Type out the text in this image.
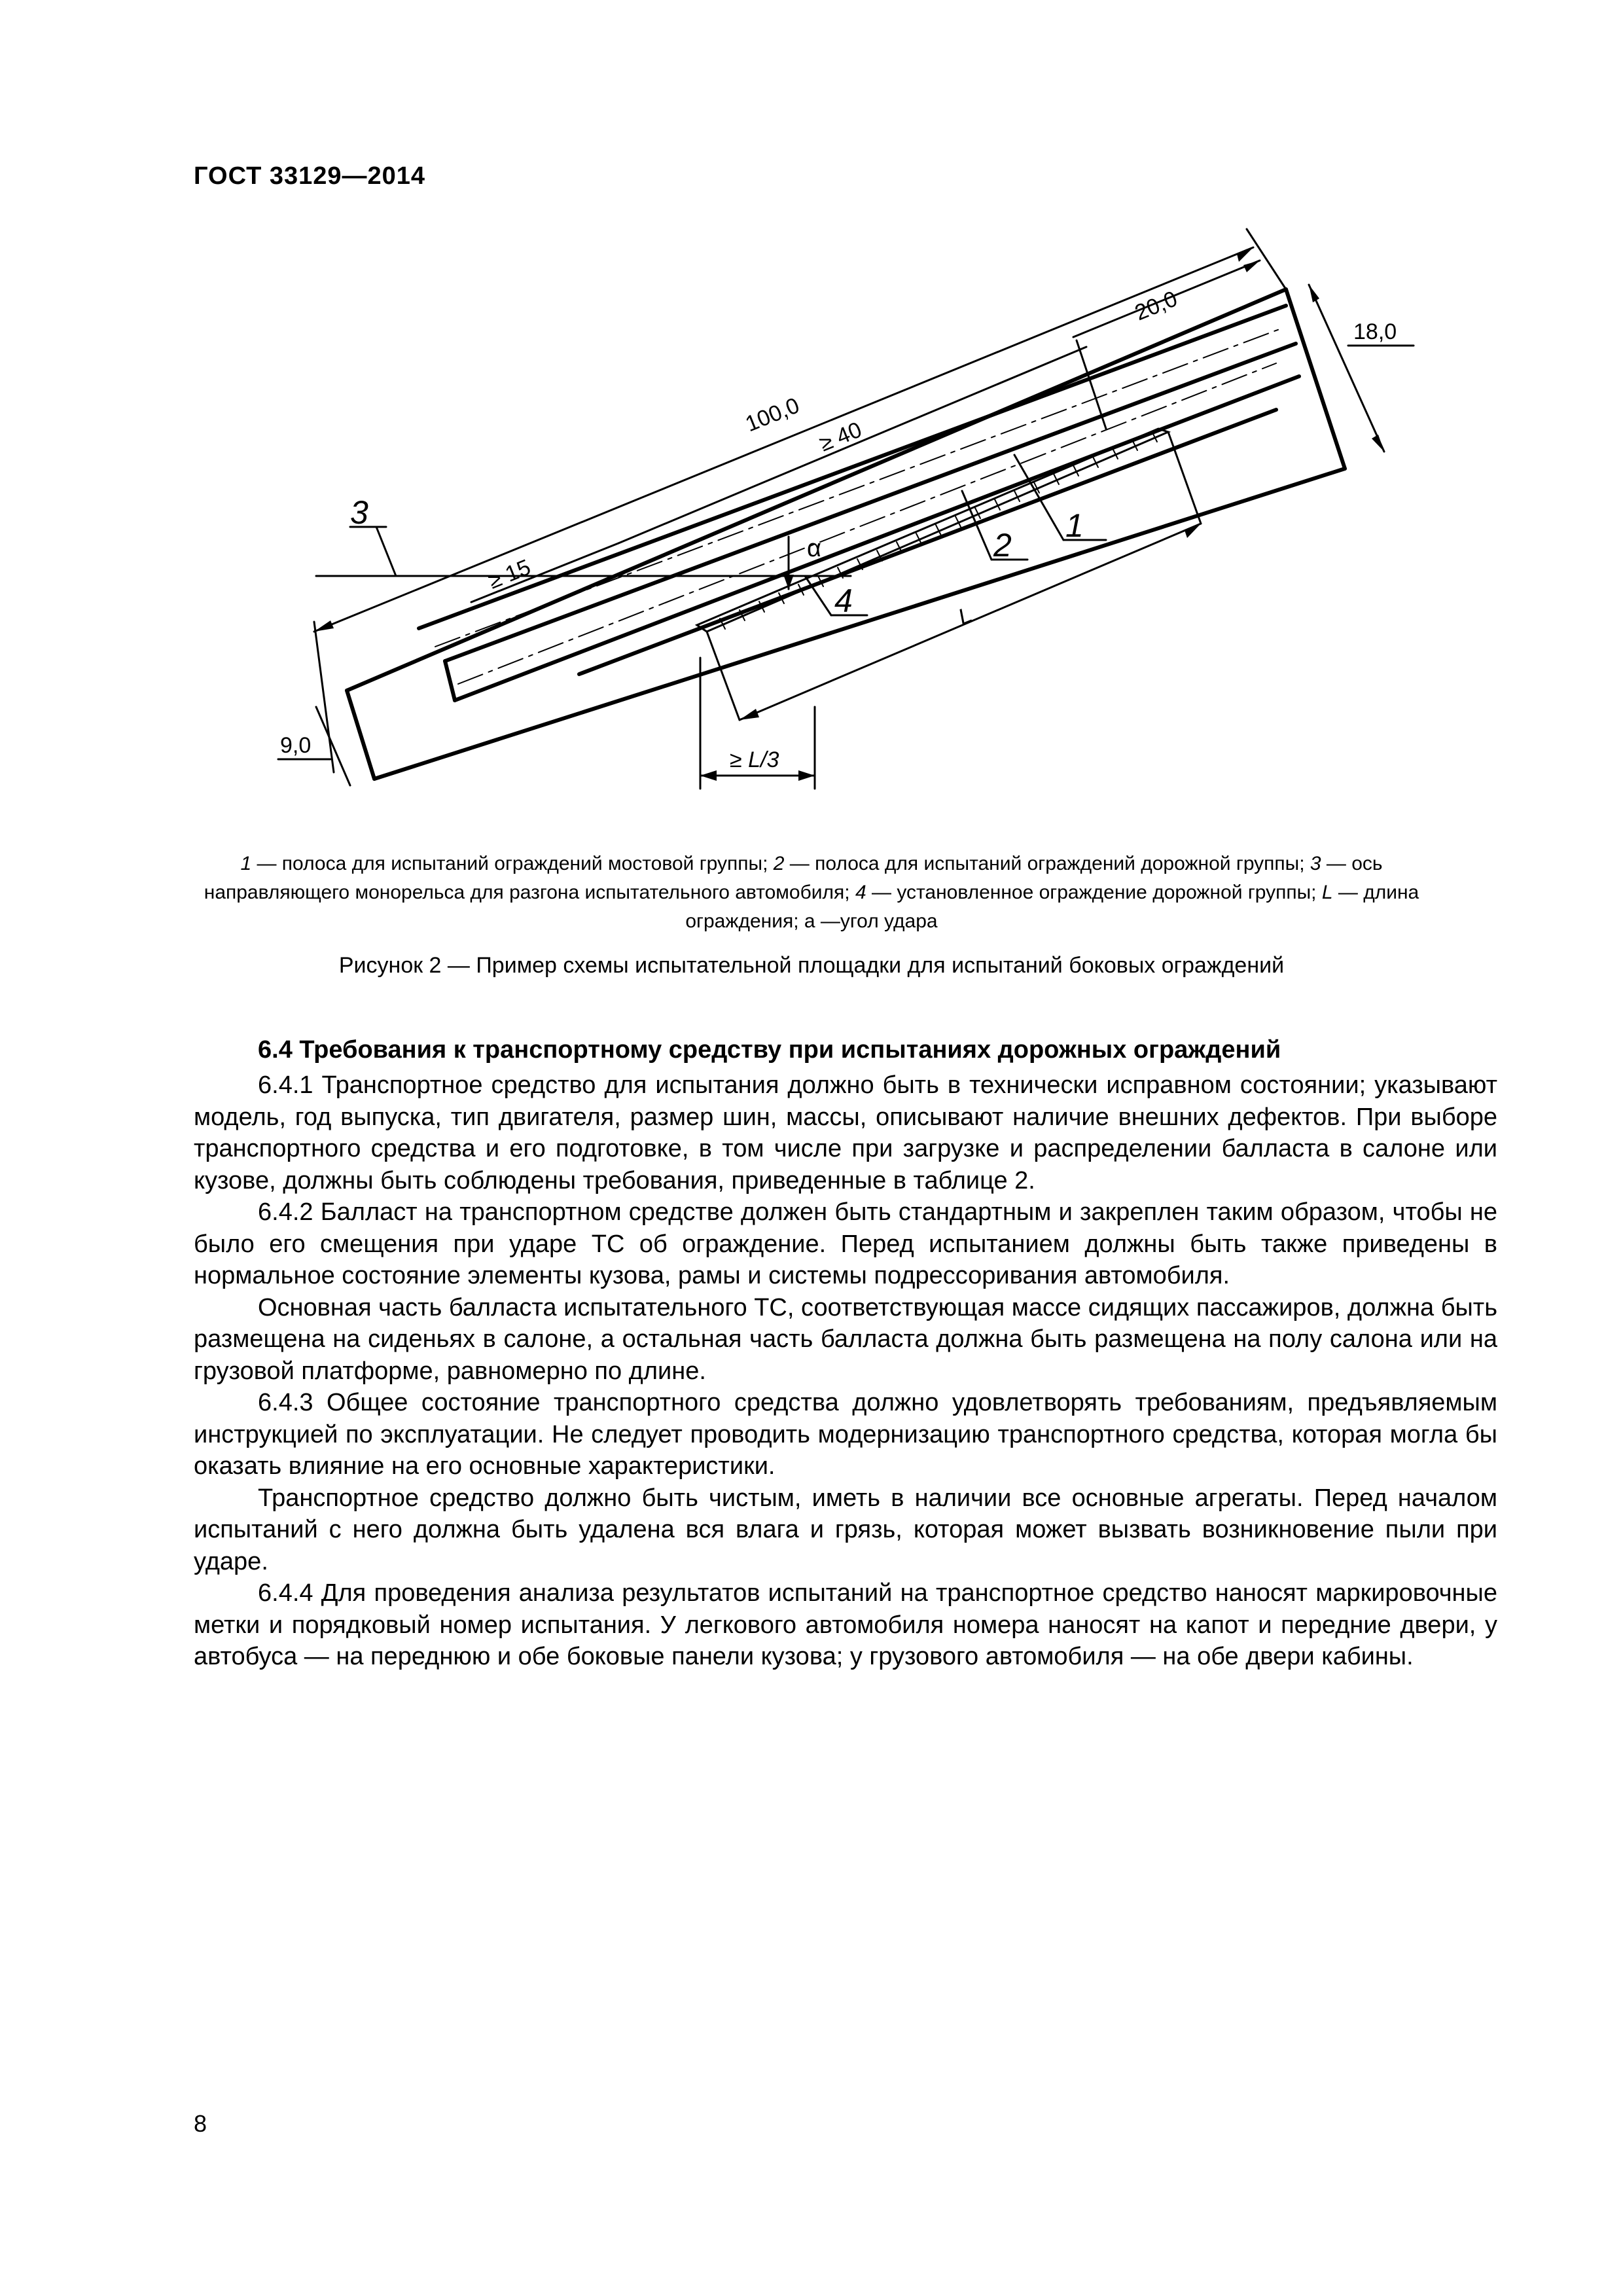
ГОСТ 33129—2014
100,0
20,0
18,0
≥ 40
≥ 15
9,0
L
≥ L/3
α
3	1
2
4
1 — полоса для испытаний ограждений мостовой группы; 2 — полоса для испытаний ограждений дорожной группы; 3 — ось направляющего монорельса для разгона испытательного автомобиля; 4 — установленное ограждение дорожной группы; L — длина ограждения; a —угол удара
Рисунок 2 — Пример схемы испытательной площадки для испытаний боковых ограждений
6.4 Требования к транспортному средству при испытаниях дорожных ограждений

6.4.1 Транспортное средство для испытания должно быть в технически исправном состоянии; указывают модель, год выпуска, тип двигателя, размер шин, массы, описывают наличие внешних дефектов. При выборе транспортного средства и его подготовке, в том числе при загрузке и распределении балласта в салоне или кузове, должны быть соблюдены требования, приведенные в таблице 2.

6.4.2 Балласт на транспортном средстве должен быть стандартным и закреплен таким образом, чтобы не было его смещения при ударе ТС об ограждение. Перед испытанием должны быть также приведены в нормальное состояние элементы кузова, рамы и системы подрессоривания автомобиля.

Основная часть балласта испытательного ТС, соответствующая массе сидящих пассажиров, должна быть размещена на сиденьях в салоне, а остальная часть балласта должна быть размещена на полу салона или на грузовой платформе, равномерно по длине.

6.4.3 Общее состояние транспортного средства должно удовлетворять требованиям, предъявляемым инструкцией по эксплуатации. Не следует проводить модернизацию транспортного средства, которая могла бы оказать влияние на его основные характеристики.

Транспортное средство должно быть чистым, иметь в наличии все основные агрегаты. Перед началом испытаний с него должна быть удалена вся влага и грязь, которая может вызвать возникновение пыли при ударе.

6.4.4 Для проведения анализа результатов испытаний на транспортное средство наносят маркировочные метки и порядковый номер испытания. У легкового автомобиля номера наносят на капот и передние двери, у автобуса — на переднюю и обе боковые панели кузова; у грузового автомобиля — на обе двери кабины.

8
